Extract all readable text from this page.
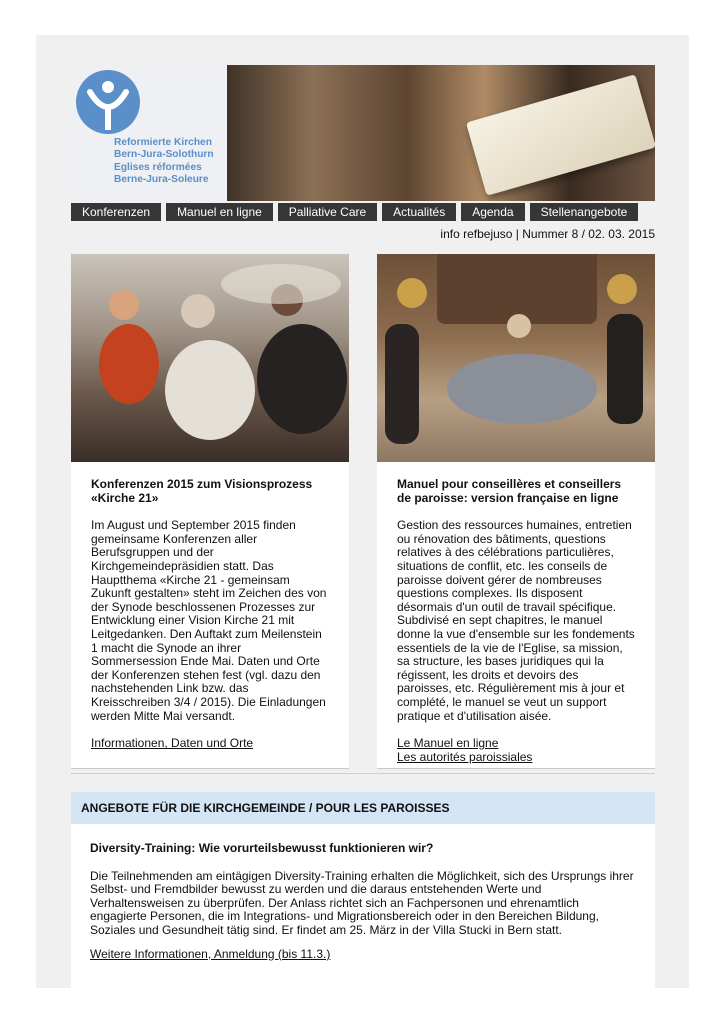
Reformierte Kirchen
Bern-Jura-Solothurn
Eglises réformées
Berne-Jura-Soleure
Konferenzen	Manuel en ligne	Palliative Care	Actualités	Agenda	Stellenangebote
info refbejuso | Nummer 8 / 02. 03. 2015

Konferenzen 2015 zum Visionsprozess «Kirche 21»

Im August und September 2015 finden gemeinsame Konferenzen aller Berufsgruppen und der Kirchgemeindepräsidien statt. Das Hauptthema «Kirche 21 - gemeinsam Zukunft gestalten» steht im Zeichen des von der Synode beschlossenen Prozesses zur Entwicklung einer Vision Kirche 21 mit Leitgedanken. Den Auftakt zum Meilenstein 1 macht die Synode an ihrer Sommersession Ende Mai. Daten und Orte der Konferenzen stehen fest (vgl. dazu den nachstehenden Link bzw. das Kreisschreiben 3/4 / 2015). Die Einladungen werden Mitte Mai versandt.

Informationen, Daten und Orte

Manuel pour conseillères et conseillers de paroisse: version française en ligne

Gestion des ressources humaines, entretien ou rénovation des bâtiments, questions relatives à des célébrations particulières, situations de conflit, etc. les conseils de paroisse doivent gérer de nombreuses questions complexes. Ils disposent désormais d'un outil de travail spécifique. Subdivisé en sept chapitres, le manuel donne la vue d'ensemble sur les fondements essentiels de la vie de l'Eglise, sa mission, sa structure, les bases juridiques qui la régissent, les droits et devoirs des paroisses, etc. Régulièrement mis à jour et complété, le manuel se veut un support pratique et d'utilisation aisée.

Le Manuel en ligne
Les autorités paroissiales
ANGEBOTE FÜR DIE KIRCHGEMEINDE / POUR LES PAROISSES

Diversity-Training: Wie vorurteilsbewusst funktionieren wir?

Die Teilnehmenden am eintägigen Diversity-Training erhalten die Möglichkeit, sich des Ursprungs ihrer Selbst- und Fremdbilder bewusst zu werden und die daraus entstehenden Werte und Verhaltensweisen zu überprüfen. Der Anlass richtet sich an Fachpersonen und ehrenamtlich engagierte Personen, die im Integrations- und Migrationsbereich oder in den Bereichen Bildung, Soziales und Gesundheit tätig sind. Er findet am 25. März in der Villa Stucki in Bern statt.

Weitere Informationen, Anmeldung (bis 11.3.)
